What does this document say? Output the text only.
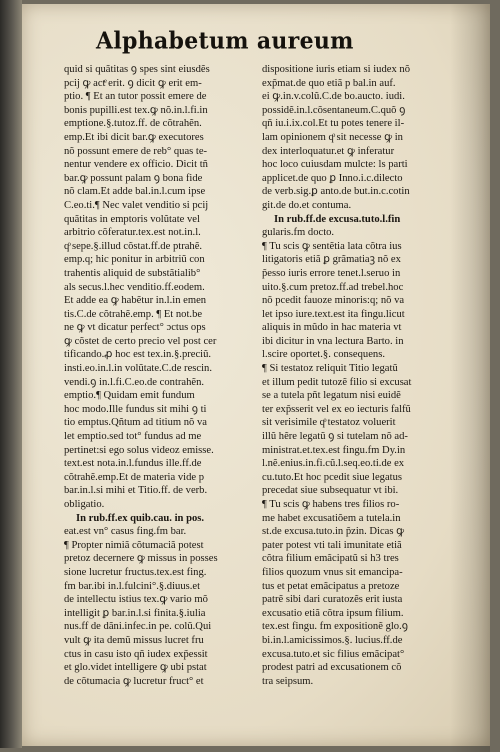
Alphabetum aureum
quid si quãtitas ꝯ spes sint eiusdẽs
pcij ꝙ actͤ erit. ꝯ dicit ꝙ erit em-
ptio. ¶ Et an tutor possit emere de
bonis pupilli.est tex.ꝙ nõ.in.l.fi.in
emptione.§.tutoz.ff. de cõtrahẽn.
emp.Et ibi dicit bar.ꝙ executores
nõ possunt emere de reb° quas te-
nentur vendere ex officio. Dicit tñ
bar.ꝙ possunt palam ꝯ bona fide
nõ clam.Et adde bal.in.l.cum ipse
C.eo.ti.¶ Nec valet venditio si pcij
quãtitas in emptoris volũtate vel
arbitrio cõferatur.tex.est not.in.l.
qͦ sepe.§.illud cõstat.ff.de ptrahẽ.
emp.q; hic ponitur in arbitriũ con
trahentis aliquid de substãtialib°
als secus.l.hec venditio.ff.eodem.
Et adde ea ꝙ habẽtur in.l.in emen
tis.C.de cõtrahẽ.emp. ¶ Et not.be
ne ꝙ vt dicatur perfect° ɔctus ops
ꝙ cõstet de certo precio vel post cer
tificando.ꝓ hoc est tex.in.§.preciũ.
insti.eo.in.l.in volũtate.C.de rescin.
vendi.ꝯ in.l.fi.C.eo.de contrahẽn.
emptio.¶ Quidam emit fundum
hoc modo.Ille fundus sit mihi ꝯ ti
tio emptus.Qñtum ad titium nõ va
let emptio.sed tot° fundus ad me
pertinet:si ego solus videoz emisse.
text.est nota.in.l.fundus ille.ff.de
cõtrahẽ.emp.Et de materia vide p
bar.in.l.si mihi et Titio.ff. de verb.
obligatio.
In rub.ff.ex quib.cau. in pos.
eat.est vn° casus fing.fm bar.
¶ Propter nimiã cõtumaciã potest
pretoz decernere ꝙ missus in posses
sione lucretur fructus.tex.est fing.
fm bar.ibi in.l.fulcini°.§.diuus.et
de intellectu istius tex.ꝙ vario mõ
intelligit ꝑ bar.in.l.si finita.§.iulia
nus.ff de dãni.infec.in pe. colũ.Qui
vult ꝙ ita demũ missus lucret fru
ctus in casu isto qñ iudex exp̃essit
et glo.videt intelligere ꝙ ubi pstat
de cõtumacia ꝙ lucretur fruct° et
dispositione iuris etiam si iudex nõ
exp̃mat.de quo etiã p bal.in auf.
ei ꝙ.in.v.colũ.C.de bo.aucto. iudi.
possidẽ.in.l.cõsentaneum.C.quõ ꝯ
qñ iu.i.ix.col.Et tu potes tenere il-
lam opinionem qͦ sit necesse ꝙ in
dex interloquatur.et ꝙ inferatur
hoc loco cuiusdam mulcte: ls parti
applicet.de quo ꝑ Inno.i.c.dilecto
de verb.sig.ꝑ anto.de but.in.c.cotin
git.de do.et contuma.
In rub.ff.de excusa.tuto.l.fin
gularis.fm docto.
¶ Tu scis ꝙ sentẽtia lata cõtra ius
litigatoris etiã ꝑ grãmatiaꝫ nõ ex
p̃esso iuris errore tenet.l.seruo in
uito.§.cum pretoz.ff.ad trebel.hoc
nõ pcedit fauoze minoris:q; nõ va
let ipso iure.text.est ita fingu.licut
aliquis in mũdo in hac materia vt
ibi dicitur in vna lectura Barto. in
l.scire oportet.§. consequens.
¶ Si testatoz reliquit Titio legatũ
et illum pedit tutozẽ filio si excusat
se a tutela pñt legatum nisi euidẽ
ter exp̃sserit vel ex eo iecturis falfũ
sit verisimile qͦ testatoz voluerit
illũ hẽre legatũ ꝯ si tutelam nõ ad-
ministrat.et.tex.est fingu.fm Dy.in
l.nẽ.enius.in.fi.cũ.l.seq.eo.ti.de ex
cu.tuto.Et hoc pcedit siue legatus
precedat siue subsequatur vt ibi.
¶ Tu scis ꝙ habens tres filios ro-
me habet excusatiõem a tutela.in
st.de excusa.tuto.in p̃zin. Dicas ꝙ
pater potest vti tali imunitate etiã
cõtra filium emãcipatũ si h3 tres
filios quozum vnus sit emancipa-
tus et petat emãcipatus a pretoze
patrẽ sibi dari curatozẽs erit iusta
excusatio etiã cõtra ipsum filium.
tex.est fingu. fm expositionẽ glo.ꝯ
bi.in.l.amicissimos.§. lucius.ff.de
excusa.tuto.et sic filius emãcipat°
prodest patri ad excusationem cõ
tra seipsum.
